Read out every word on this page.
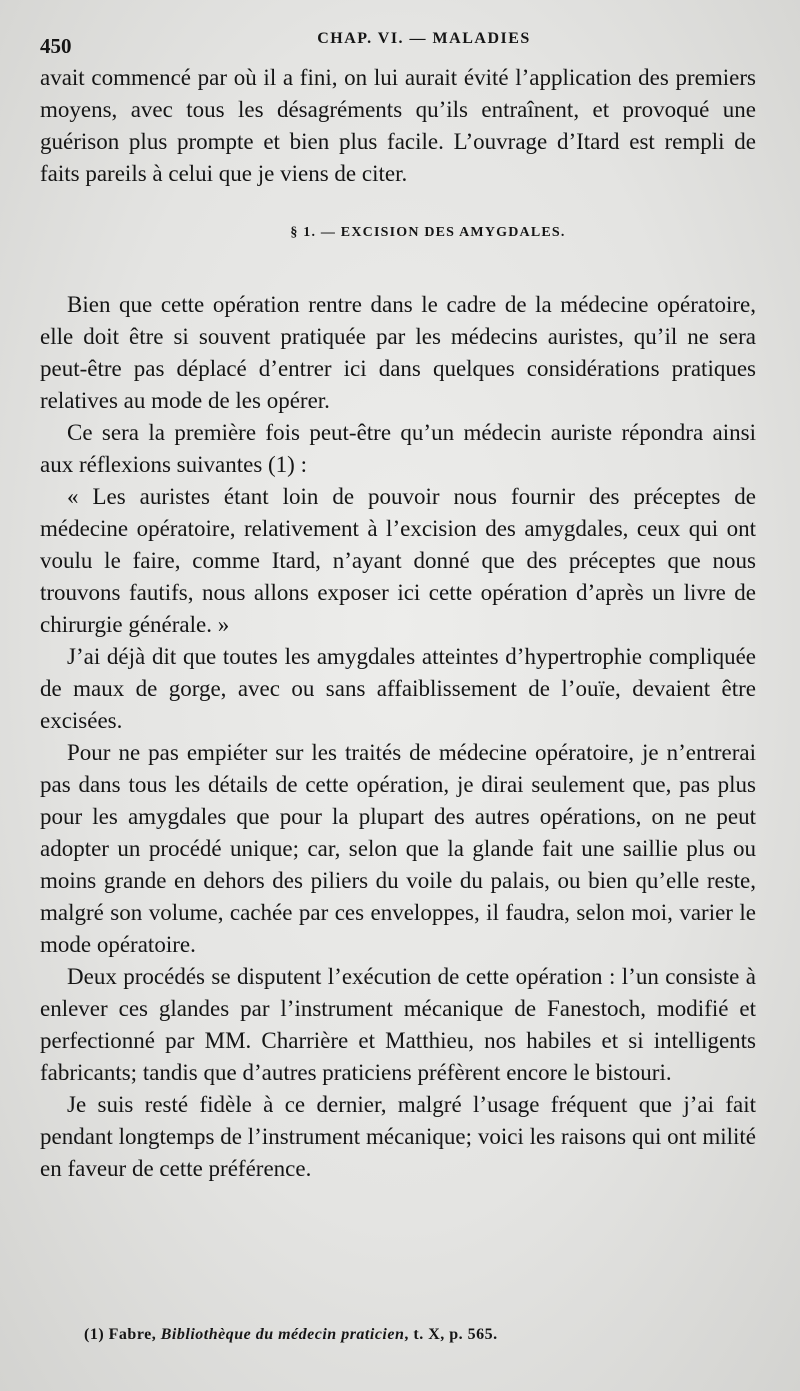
450	CHAP. VI. — MALADIES

avait commencé par où il a fini, on lui aurait évité l’application des premiers moyens, avec tous les désagréments qu’ils entraînent, et provoqué une guérison plus prompte et bien plus facile. L’ouvrage d’Itard est rempli de faits pareils à celui que je viens de citer.

§ 1. — EXCISION DES AMYGDALES.

Bien que cette opération rentre dans le cadre de la médecine opératoire, elle doit être si souvent pratiquée par les médecins auristes, qu’il ne sera peut-être pas déplacé d’entrer ici dans quelques considérations pratiques relatives au mode de les opérer.

Ce sera la première fois peut-être qu’un médecin auriste répondra ainsi aux réflexions suivantes (1) :

« Les auristes étant loin de pouvoir nous fournir des préceptes de médecine opératoire, relativement à l’excision des amygdales, ceux qui ont voulu le faire, comme Itard, n’ayant donné que des préceptes que nous trouvons fautifs, nous allons exposer ici cette opération d’après un livre de chirurgie générale. »

J’ai déjà dit que toutes les amygdales atteintes d’hypertrophie compliquée de maux de gorge, avec ou sans affaiblissement de l’ouïe, devaient être excisées.

Pour ne pas empiéter sur les traités de médecine opératoire, je n’entrerai pas dans tous les détails de cette opération, je dirai seulement que, pas plus pour les amygdales que pour la plupart des autres opérations, on ne peut adopter un procédé unique; car, selon que la glande fait une saillie plus ou moins grande en dehors des piliers du voile du palais, ou bien qu’elle reste, malgré son volume, cachée par ces enveloppes, il faudra, selon moi, varier le mode opératoire.

Deux procédés se disputent l’exécution de cette opération : l’un consiste à enlever ces glandes par l’instrument mécanique de Fanestoch, modifié et perfectionné par MM. Charrière et Matthieu, nos habiles et si intelligents fabricants; tandis que d’autres praticiens préfèrent encore le bistouri.

Je suis resté fidèle à ce dernier, malgré l’usage fréquent que j’ai fait pendant longtemps de l’instrument mécanique; voici les raisons qui ont milité en faveur de cette préférence.

(1) Fabre, Bibliothèque du médecin praticien, t. X, p. 565.
